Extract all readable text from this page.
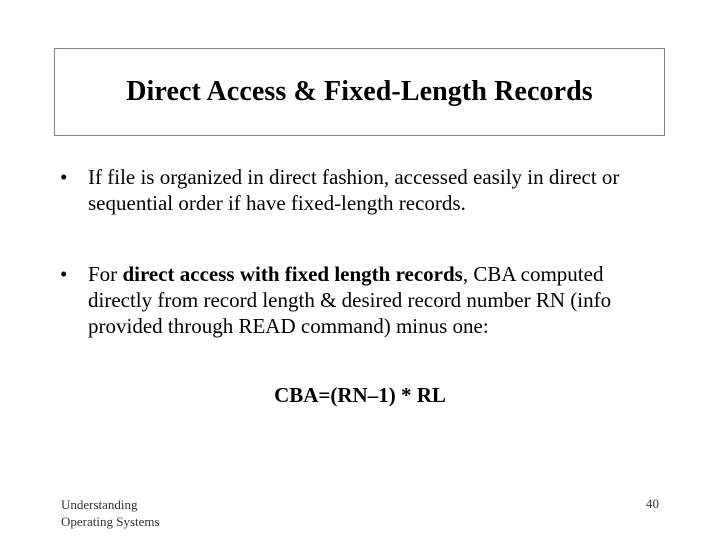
Direct Access & Fixed-Length Records
• If file is organized in direct fashion, accessed easily in direct or sequential order if have fixed-length records.
• For direct access with fixed length records, CBA computed directly from record length & desired record number RN (info provided through READ command) minus one:
CBA=(RN–1) * RL
Understanding
Operating Systems
40
